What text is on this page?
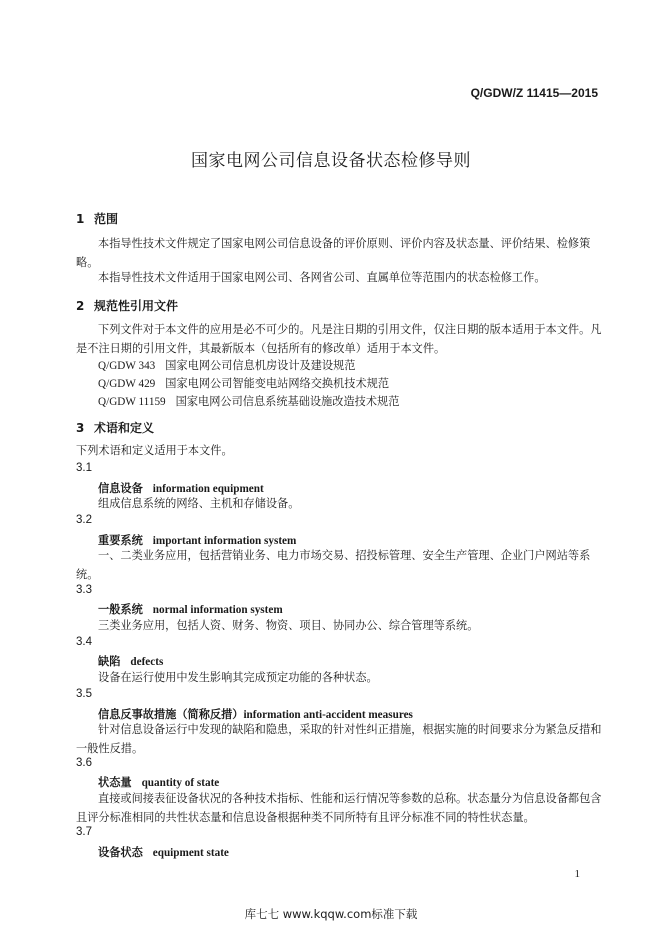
Q/GDW/Z 11415—2015
国家电网公司信息设备状态检修导则
1 范围
本指导性技术文件规定了国家电网公司信息设备的评价原则、评价内容及状态量、评价结果、检修策略。
本指导性技术文件适用于国家电网公司、各网省公司、直属单位等范围内的状态检修工作。
2 规范性引用文件
下列文件对于本文件的应用是必不可少的。凡是注日期的引用文件，仅注日期的版本适用于本文件。凡是不注日期的引用文件，其最新版本（包括所有的修改单）适用于本文件。
Q/GDW 343 国家电网公司信息机房设计及建设规范
Q/GDW 429 国家电网公司智能变电站网络交换机技术规范
Q/GDW 11159 国家电网公司信息系统基础设施改造技术规范
3 术语和定义
下列术语和定义适用于本文件。
3.1
信息设备 information equipment
组成信息系统的网络、主机和存储设备。
3.2
重要系统 important information system
一、二类业务应用，包括营销业务、电力市场交易、招投标管理、安全生产管理、企业门户网站等系统。
3.3
一般系统 normal information system
三类业务应用，包括人资、财务、物资、项目、协同办公、综合管理等系统。
3.4
缺陷 defects
设备在运行使用中发生影响其完成预定功能的各种状态。
3.5
信息反事故措施（简称反措）information anti-accident measures
针对信息设备运行中发现的缺陷和隐患，采取的针对性纠正措施，根据实施的时间要求分为紧急反措和一般性反措。
3.6
状态量 quantity of state
直接或间接表征设备状况的各种技术指标、性能和运行情况等参数的总称。状态量分为信息设备都包含且评分标准相同的共性状态量和信息设备根据种类不同所特有且评分标准不同的特性状态量。
3.7
设备状态 equipment state
1
库七七 www.kqqw.com标准下载
